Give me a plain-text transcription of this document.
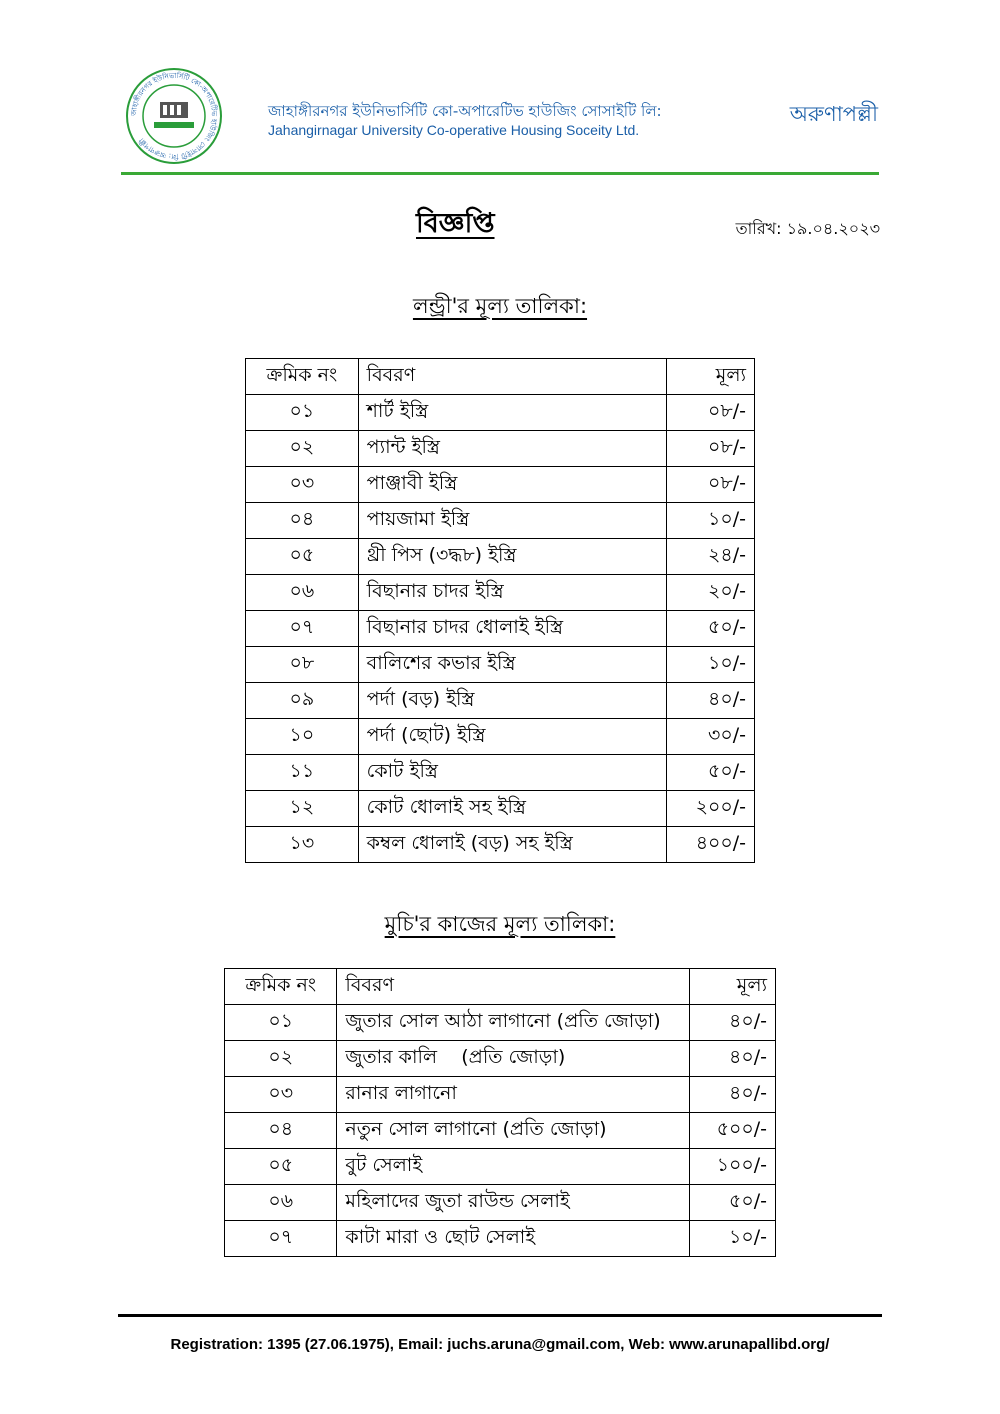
জাহাঙ্গীরনগর ইউনিভার্সিটি কো-অপারেটিভ হাউজিং সোসাইটি লি: অরুণাপল্লী
জাহাঙ্গীরনগর ইউনিভার্সিটি কো-অপারেটিভ হাউজিং সোসাইটি লি:
Jahangirnagar University Co-operative Housing Soceity Ltd.
অরুণাপল্লী
বিজ্ঞপ্তি	তারিখ: ১৯.০৪.২০২৩
লন্ড্রী'র মূল্য তালিকা:
ক্রমিক নং	বিবরণ	মূল্য
০১	শার্ট ইস্ত্রি	০৮/-
০২	প্যান্ট ইস্ত্রি	০৮/-
০৩	পাঞ্জাবী ইস্ত্রি	০৮/-
০৪	পায়জামা ইস্ত্রি	১০/-
০৫	থ্রী পিস (৩দ্ধ৮) ইস্ত্রি	২৪/-
০৬	বিছানার চাদর ইস্ত্রি	২০/-
০৭	বিছানার চাদর ধোলাই ইস্ত্রি	৫০/-
০৮	বালিশের কভার ইস্ত্রি	১০/-
০৯	পর্দা (বড়) ইস্ত্রি	৪০/-
১০	পর্দা (ছোট) ইস্ত্রি	৩০/-
১১	কোট ইস্ত্রি	৫০/-
১২	কোট ধোলাই সহ ইস্ত্রি	২০০/-
১৩	কম্বল ধোলাই (বড়) সহ ইস্ত্রি	৪০০/-
মুচি'র কাজের মূল্য তালিকা:
ক্রমিক নং	বিবরণ	মূল্য
০১	জুতার সোল আঠা লাগানো (প্রতি জোড়া)	৪০/-
০২	জুতার কালি    (প্রতি জোড়া)	৪০/-
০৩	রানার লাগানো	৪০/-
০৪	নতুন সোল লাগানো (প্রতি জোড়া)	৫০০/-
০৫	বুট সেলাই	১০০/-
০৬	মহিলাদের জুতা রাউন্ড সেলাই	৫০/-
০৭	কাটা মারা ও ছোট সেলাই	১০/-
Registration: 1395 (27.06.1975), Email: juchs.aruna@gmail.com, Web: www.arunapallibd.org/
